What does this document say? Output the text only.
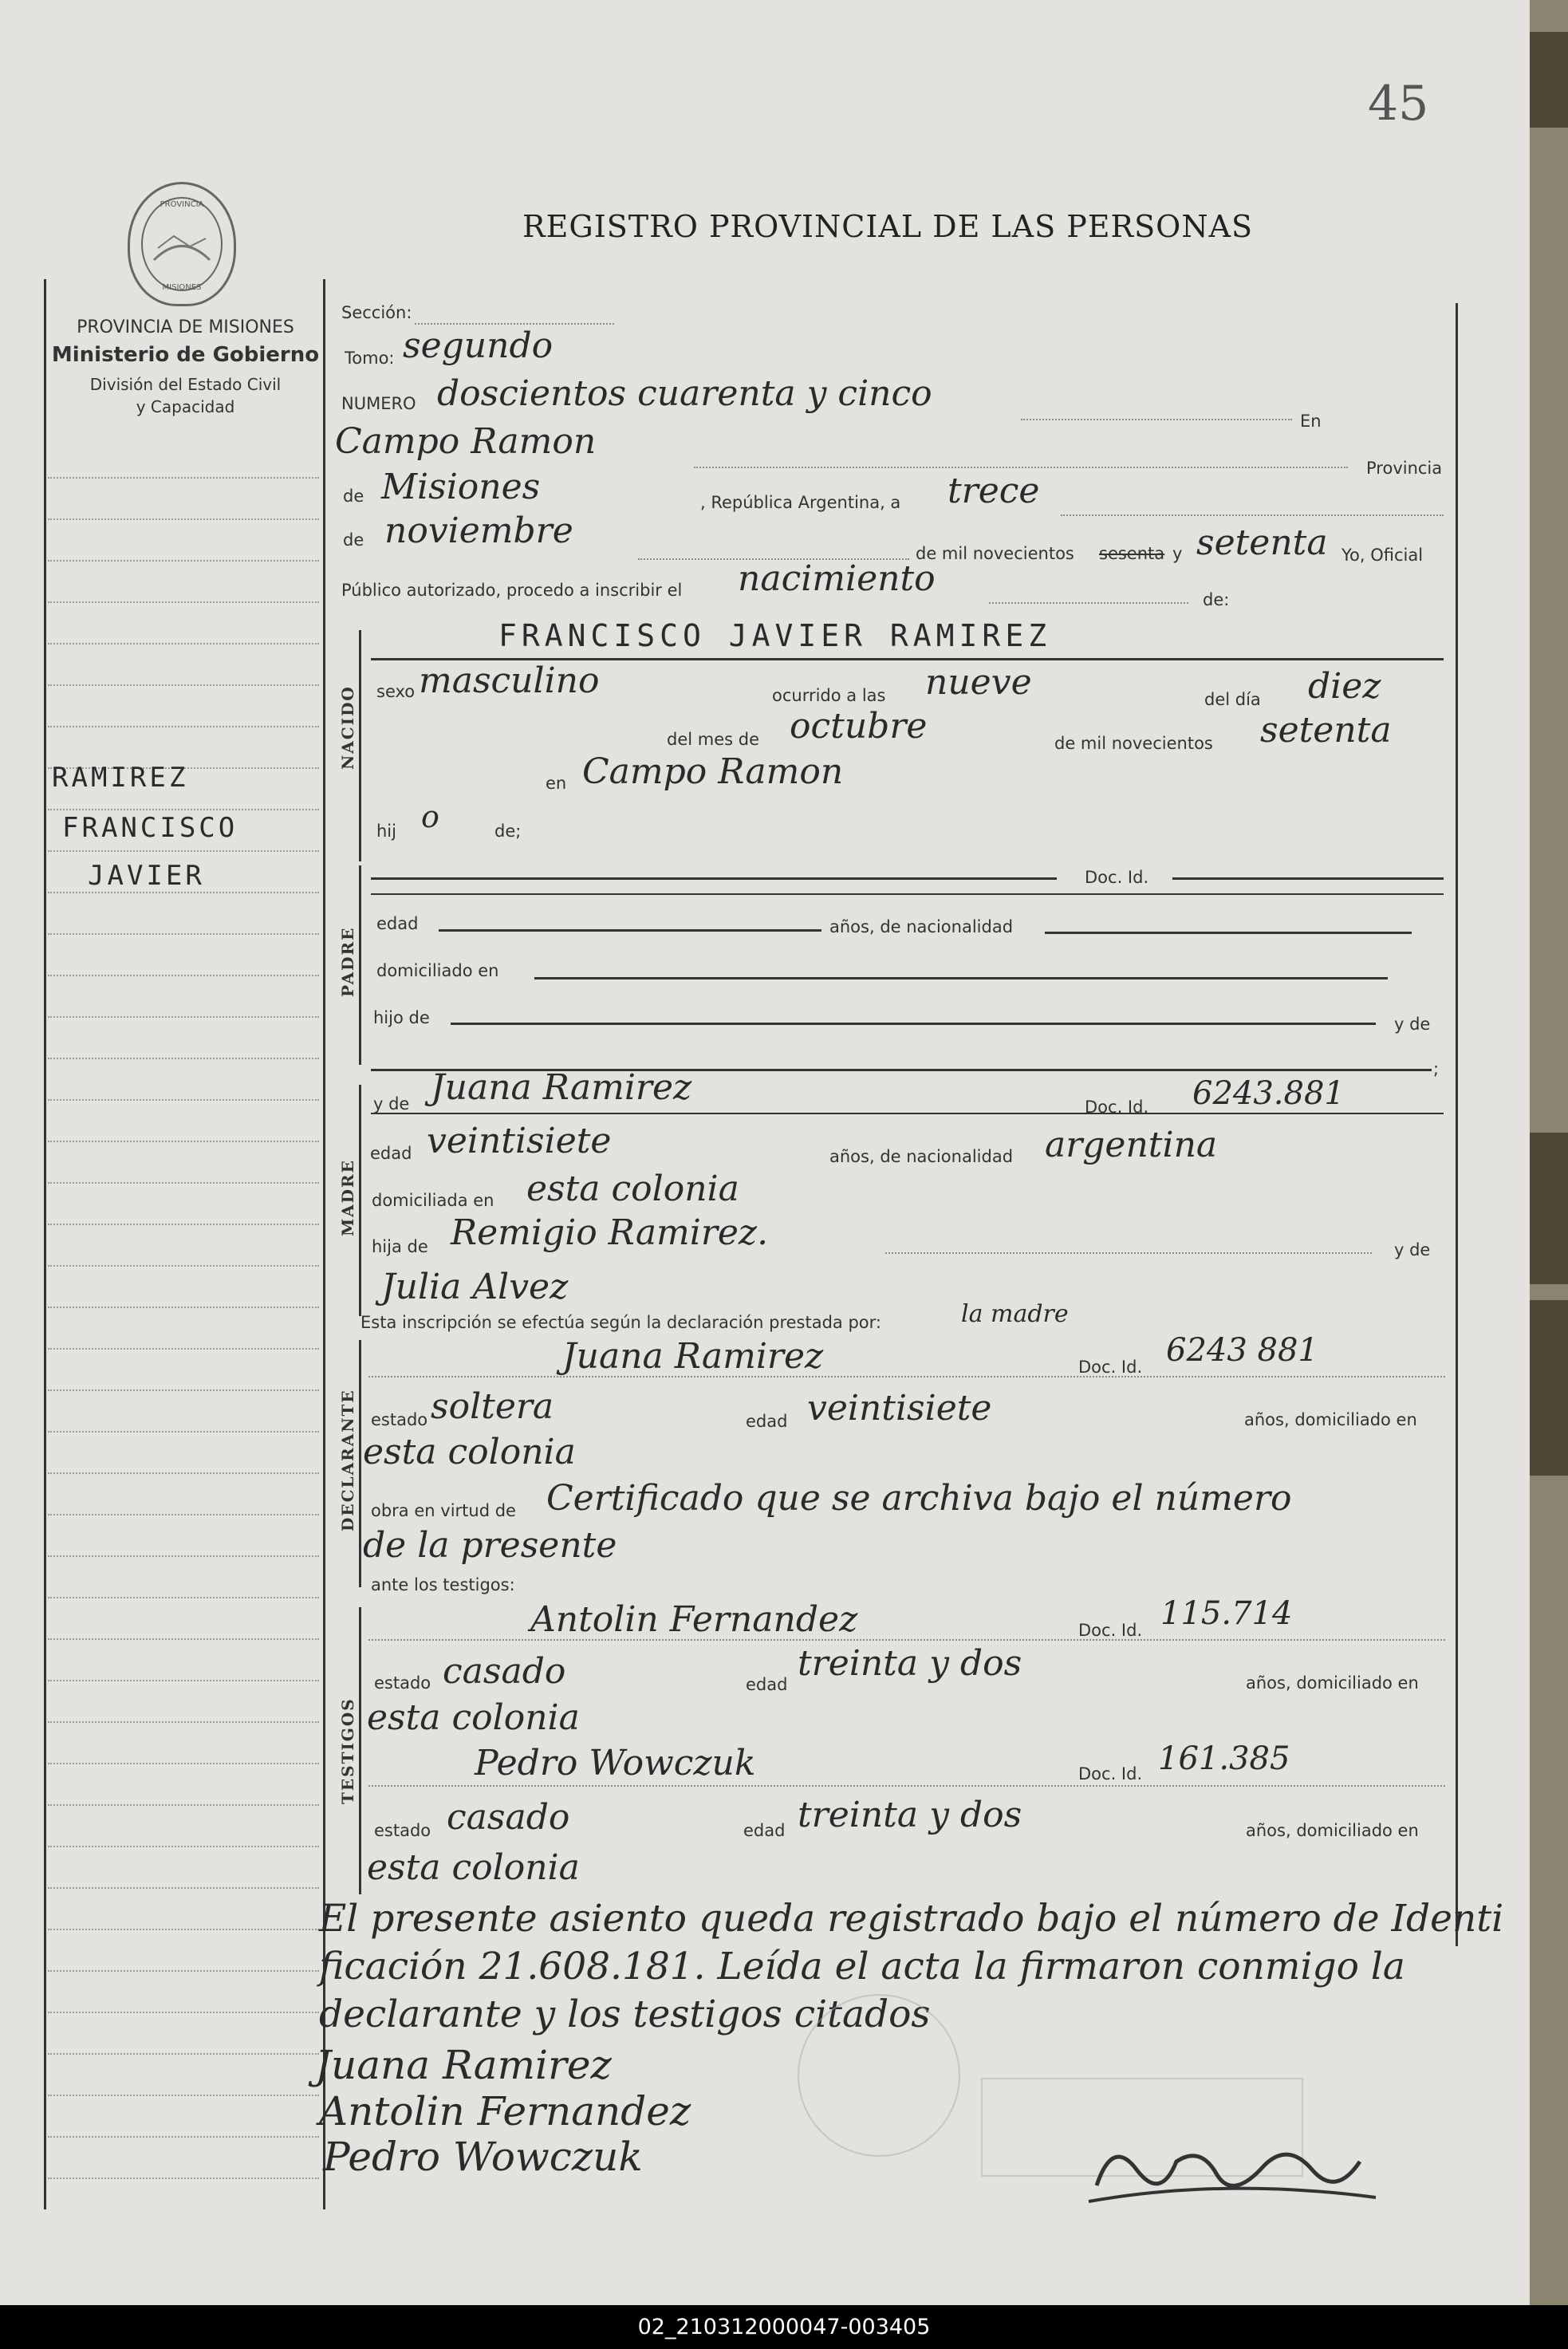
45
REGISTRO PROVINCIAL DE LAS PERSONAS
PROVINCIA
MISIONES
PROVINCIA DE MISIONES
Ministerio de Gobierno
División del Estado Civil
y Capacidad
RAMIREZ
FRANCISCO
JAVIER
Sección:
Tomo: segundo
NUMERO doscientos cuarenta y cinco
En
Campo Ramon
Provincia
de Misiones	, República Argentina, a trece
de noviembre
de mil novecientos sesenta y setenta Yo, Oficial
Público autorizado, procedo a inscribir el nacimiento
de:
NACIDO
FRANCISCO JAVIER RAMIREZ
sexo masculino	ocurrido a las nueve	del día diez
del mes de octubre	de mil novecientos setenta
en Campo Ramon
hij o	de;
PADRE
Doc. Id.
edad	años, de nacionalidad
domiciliado en
hijo de	y de
;
MADRE
y de Juana Ramirez	Doc. Id. 6243.881
edad veintisiete	años, de nacionalidad argentina
domiciliada en esta colonia
hija de Remigio Ramirez.	y de
Julia Alvez
Esta inscripción se efectúa según la declaración prestada por:	la madre
DECLARANTE
Juana Ramirez	Doc. Id. 6243 881
estado soltera	edad veintisiete	años, domiciliado en
esta colonia
obra en virtud de Certificado que se archiva bajo el número
de la presente
ante los testigos:
TESTIGOS
Antolin Fernandez	Doc. Id. 115.714
estado casado	edad
treinta y dos	años, domiciliado en
esta colonia
Pedro Wowczuk	Doc. Id. 161.385
estado casado	edad treinta y dos	años, domiciliado en
esta colonia
El presente asiento queda registrado bajo el número de Identi
ficación 21.608.181. Leída el acta la firmaron conmigo la
declarante y los testigos citados
Juana Ramirez
Antolin Fernandez
Pedro Wowczuk
02_210312000047-003405
